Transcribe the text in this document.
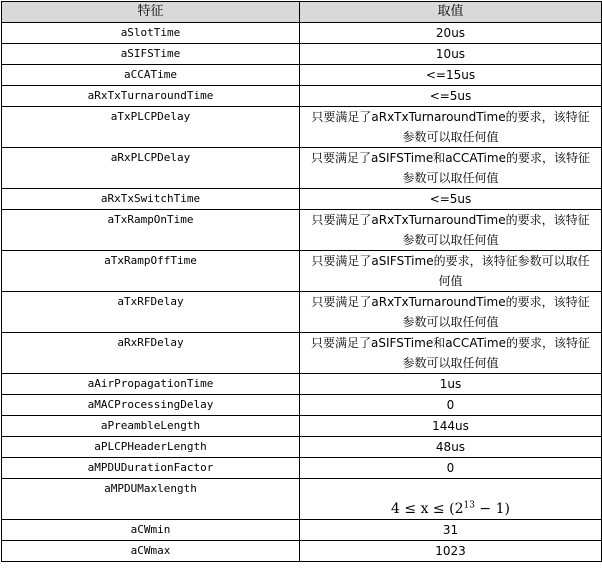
特征	取值
aSlotTime	20us
aSIFSTime	10us
aCCATime	<=15us
aRxTxTurnaroundTime	<=5us
aTxPLCPDelay	只要满足了aRxTxTurnaroundTime的要求，该特征参数可以取任何值
aRxPLCPDelay	只要满足了aSIFSTime和aCCATime的要求，该特征参数可以取任何值
aRxTxSwitchTime	<=5us
aTxRampOnTime	只要满足了aRxTxTurnaroundTime的要求，该特征参数可以取任何值
aTxRampOffTime	只要满足了aSIFSTime的要求，该特征参数可以取任何值
aTxRFDelay	只要满足了aRxTxTurnaroundTime的要求，该特征参数可以取任何值
aRxRFDelay	只要满足了aSIFSTime和aCCATime的要求，该特征参数可以取任何值
aAirPropagationTime	1us
aMACProcessingDelay	0
aPreambleLength	144us
aPLCPHeaderLength	48us
aMPDUDurationFactor	0
aMPDUMaxlength	$4 \le x \le (2^{13} - 1)$
aCWmin	31
aCWmax	1023
